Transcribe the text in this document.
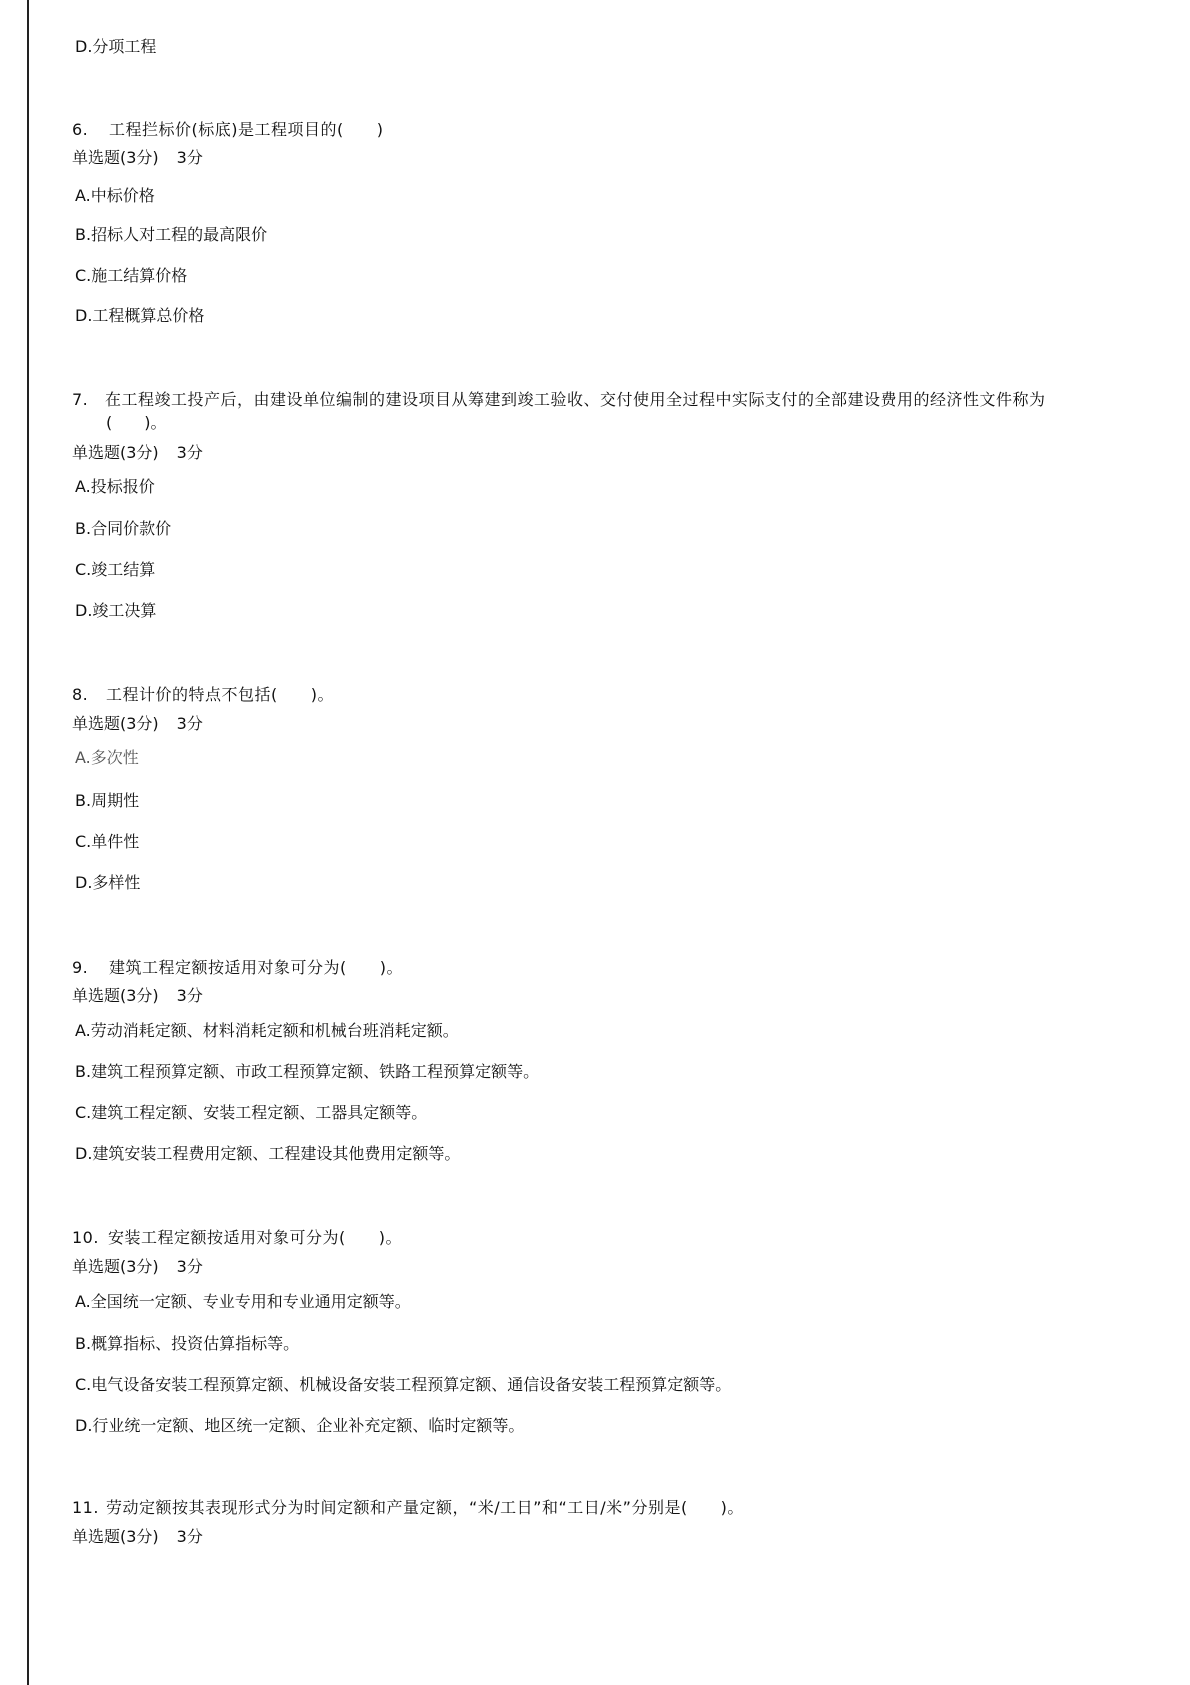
D.分项工程
6. 工程拦标价(标底)是工程项目的(　　)
单选题(3分) 3分
A.中标价格
B.招标人对工程的最高限价
C.施工结算价格
D.工程概算总价格
7. 在工程竣工投产后，由建设单位编制的建设项目从筹建到竣工验收、交付使用全过程中实际支付的全部建设费用的经济性文件称为
(　　)。
单选题(3分) 3分
A.投标报价
B.合同价款价
C.竣工结算
D.竣工决算
8. 工程计价的特点不包括(　　)。
单选题(3分) 3分
A.多次性
B.周期性
C.单件性
D.多样性
9. 建筑工程定额按适用对象可分为(　　)。
单选题(3分) 3分
A.劳动消耗定额、材料消耗定额和机械台班消耗定额。
B.建筑工程预算定额、市政工程预算定额、铁路工程预算定额等。
C.建筑工程定额、安装工程定额、工器具定额等。
D.建筑安装工程费用定额、工程建设其他费用定额等。
10. 安装工程定额按适用对象可分为(　　)。
单选题(3分) 3分
A.全国统一定额、专业专用和专业通用定额等。
B.概算指标、投资估算指标等。
C.电气设备安装工程预算定额、机械设备安装工程预算定额、通信设备安装工程预算定额等。
D.行业统一定额、地区统一定额、企业补充定额、临时定额等。
11. 劳动定额按其表现形式分为时间定额和产量定额，“米/工日”和“工日/米”分别是(　　)。
单选题(3分) 3分
